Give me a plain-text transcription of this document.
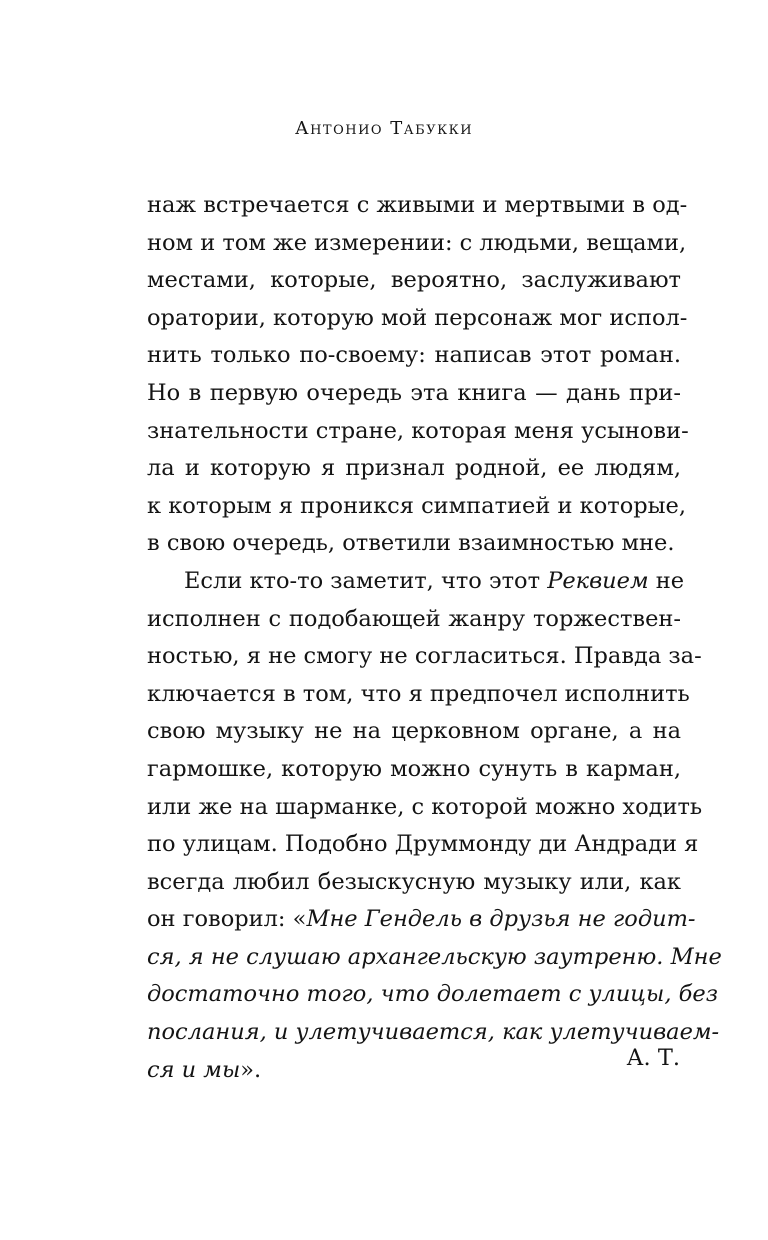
Антонио Табукки
наж встречается с живыми и мертвыми в од-
ном и том же измерении: с людьми, вещами,
местами, которые, вероятно, заслуживают
оратории, которую мой персонаж мог испол-
нить только по-своему: написав этот роман.
Но в первую очередь эта книга — дань при-
знательности стране, которая меня усынови-
ла и которую я признал родной, ее людям,
к которым я проникся симпатией и которые,
в свою очередь, ответили взаимностью мне.
Если кто-то заметит, что этот Реквием не
исполнен с подобающей жанру торжествен-
ностью, я не смогу не согласиться. Правда за-
ключается в том, что я предпочел исполнить
свою музыку не на церковном органе, а на
гармошке, которую можно сунуть в карман,
или же на шарманке, с которой можно ходить
по улицам. Подобно Друммонду ди Андради я
всегда любил безыскусную музыку или, как
он говорил: «Мне Гендель в друзья не годит-
ся, я не слушаю архангельскую заутреню. Мне
достаточно того, что долетает с улицы, без
послания, и улетучивается, как улетучиваем-
ся и мы».	А. Т.
